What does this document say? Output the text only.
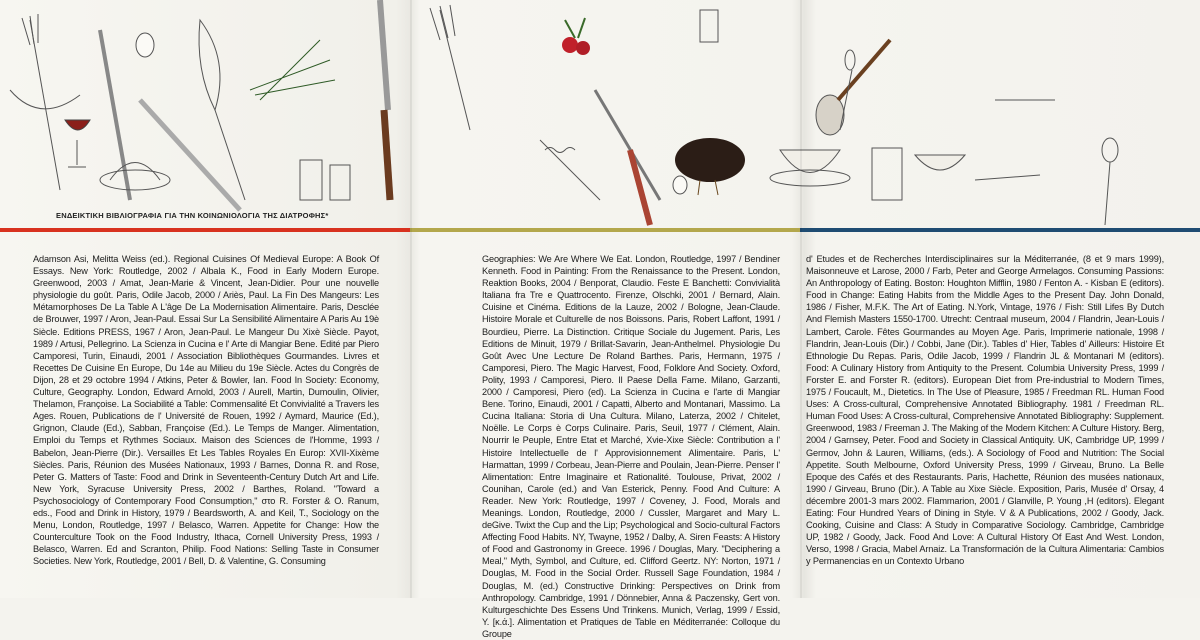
ΕΝΔΕΙΚΤΙΚΗ ΒΙΒΛΙΟΓΡΑΦΙΑ ΓΙΑ ΤΗΝ ΚΟΙΝΩΝΙΟΛΟΓΙΑ ΤΗΣ ΔΙΑΤΡΟΦΗΣ*
Adamson Asi, Melitta Weiss (ed.). Regional Cuisines Of Medieval Europe: A Book Of Essays. New York: Routledge, 2002 / Albala K., Food in Early Modern Europe. Greenwood, 2003 / Amat, Jean-Marie & Vincent, Jean-Didier. Pour une nouvelle physiologie du goût. Paris, Odile Jacob, 2000 / Ariès, Paul. La Fin Des Mangeurs: Les Métamorphoses De La Table A L'âge De La Modernisation Alimentaire. Paris, Desclée de Brouwer, 1997 / Aron, Jean-Paul. Essai Sur La Sensibilité Alimentaire A Paris Au 19è Siècle. Editions PRESS, 1967 / Aron, Jean-Paul. Le Mangeur Du Xixè Siècle. Payot, 1989 / Artusi, Pellegrino. La Scienza in Cucina e l' Arte di Mangiar Bene. Edité par Piero Camporesi, Turin, Einaudi, 2001 / Association Bibliothèques Gourmandes. Livres et Recettes De Cuisine En Europe, Du 14e au Milieu du 19e Siècle. Actes du Congrès de Dijon, 28 et 29 octobre 1994 / Atkins, Peter & Bowler, Ian. Food In Society: Economy, Culture, Geography. London, Edward Arnold, 2003 / Aurell, Martin, Dumoulin, Olivier, Thelamon, Françoise. La Sociabilité a Table: Commensalité Et Convivialité a Travers les Ages. Rouen, Publications de l' Université de Rouen, 1992 / Aymard, Maurice (Ed.), Grignon, Claude (Ed.), Sabban, Françoise (Ed.). Le Temps de Manger. Alimentation, Emploi du Temps et Rythmes Sociaux. Maison des Sciences de l'Homme, 1993 / Babelon, Jean-Pierre (Dir.). Versailles Et Les Tables Royales En Europ: XVII-Xixème Siècles. Paris, Réunion des Musées Nationaux, 1993 / Barnes, Donna R. and Rose, Peter G. Matters of Taste: Food and Drink in Seventeenth-Century Dutch Art and Life. New York, Syracuse University Press, 2002 / Barthes, Roland. "Toward a Psychosociology of Contemporary Food Consumption," στο R. Forster & O. Ranum, eds., Food and Drink in History, 1979 / Beardsworth, A. and Keil, T., Sociology on the Menu, London, Routledge, 1997 / Belasco, Warren. Appetite for Change: How the Counterculture Took on the Food Industry, Ithaca, Cornell University Press, 1993 / Belasco, Warren. Ed and Scranton, Philip. Food Nations: Selling Taste in Consumer Societies. New York, Routledge, 2001 / Bell, D. & Valentine, G. Consuming
Geographies: We Are Where We Eat. London, Routledge, 1997 / Bendiner Kenneth. Food in Painting: From the Renaissance to the Present. London, Reaktion Books, 2004 / Benporat, Claudio. Feste E Banchetti: Convivialità Italiana fra Tre e Quattrocento. Firenze, Olschki, 2001 / Bernard, Alain. Cuisine et Cinéma. Editions de la Lauze, 2002 / Bologne, Jean-Claude. Histoire Morale et Culturelle de nos Boissons. Paris, Robert Laffont, 1991 / Bourdieu, Pierre. La Distinction. Critique Sociale du Jugement. Paris, Les Editions de Minuit, 1979 / Brillat-Savarin, Jean-Anthelmel. Physiologie Du Goût Avec Une Lecture De Roland Barthes. Paris, Hermann, 1975 / Camporesi, Piero. The Magic Harvest, Food, Folklore And Society. Oxford, Polity, 1993 / Camporesi, Piero. Il Paese Della Fame. Milano, Garzanti, 2000 / Camporesi, Piero (ed). La Scienza in Cucina e l'arte di Mangiar Bene. Torino, Einaudi, 2001 / Capatti, Alberto and Montanari, Massimo. La Cucina Italiana: Storia di Una Cultura. Milano, Laterza, 2002 / Chitelet, Noëlle. Le Corps è Corps Culinaire. Paris, Seuil, 1977 / Clément, Alain. Nourrir le Peuple, Entre Etat et Marché, Xvie-Xixe Siècle: Contribution a l' Histoire Intellectuelle de l' Approvisionnement Alimentaire. Paris, L' Harmattan, 1999 / Corbeau, Jean-Pierre and Poulain, Jean-Pierre. Penser l' Alimentation: Entre Imaginaire et Rationalité. Toulouse, Privat, 2002 / Counihan, Carole (ed.) and Van Esterick, Penny. Food And Culture: A Reader. New York: Routledge, 1997 / Coveney, J. Food, Morals and Meanings. London, Routledge, 2000 / Cussler, Margaret and Mary L. deGive. Twixt the Cup and the Lip; Psychological and Socio-cultural Factors Affecting Food Habits. NY, Twayne, 1952 / Dalby, A. Siren Feasts: A History of Food and Gastronomy in Greece. 1996 / Douglas, Mary. "Deciphering a Meal," Myth, Symbol, and Culture, ed. Clifford Geertz. NY: Norton, 1971 / Douglas, M. Food in the Social Order. Russell Sage Foundation, 1984 / Douglas, M. (ed.) Constructive Drinking: Perspectives on Drink from Anthropology. Cambridge, 1991 / Dönnebier, Anna & Paczensky, Gert von. Kulturgeschichte Des Essens Und Trinkens. Munich, Verlag, 1999 / Essid, Y. [κ.ά.]. Alimentation et Pratiques de Table en Méditerranée: Colloque du Groupe
d' Etudes et de Recherches Interdisciplinaires sur la Méditerranée, (8 et 9 mars 1999), Maisonneuve et Larose, 2000 / Farb, Peter and George Armelagos. Consuming Passions: An Anthropology of Eating. Boston: Houghton Mifflin, 1980 / Fenton A. - Kisban E (editors). Food in Change: Eating Habits from the Middle Ages to the Present Day. John Donald, 1986 / Fisher, M.F.K. The Art of Eating. N.York, Vintage, 1976 / Fish: Still Lifes By Dutch And Flemish Masters 1550-1700. Utrecht: Centraal museum, 2004 / Flandrin, Jean-Louis / Lambert, Carole. Fêtes Gourmandes au Moyen Age. Paris, Imprimerie nationale, 1998 / Flandrin, Jean-Louis (Dir.) / Cobbi, Jane (Dir.). Tables d' Hier, Tables d' Ailleurs: Histoire Et Ethnologie Du Repas. Paris, Odile Jacob, 1999 / Flandrin JL & Montanari M (editors). Food: A Culinary History from Antiquity to the Present. Columbia University Press, 1999 / Forster E. and Forster R. (editors). European Diet from Pre-industrial to Modern Times, 1975 / Foucault, M., Dietetics. In The Use of Pleasure, 1985 / Freedman RL. Human Food Uses: A Cross-cultural, Comprehensive Annotated Bibliography. 1981 / Freedman RL. Human Food Uses: A Cross-cultural, Comprehensive Annotated Bibliography: Supplement. Greenwood, 1983 / Freeman J. The Making of the Modern Kitchen: A Culture History. Berg, 2004 / Garnsey, Peter. Food and Society in Classical Antiquity. UK, Cambridge UP, 1999 / Germov, John & Lauren, Williams, (eds.). A Sociology of Food and Nutrition: The Social Appetite. South Melbourne, Oxford University Press, 1999 / Girveau, Bruno. La Belle Epoque des Cafés et des Restaurants. Paris, Hachette, Réunion des musées nationaux, 1990 / Girveau, Bruno (Dir.). A Table au Xixe Siècle. Exposition, Paris, Musée d' Orsay, 4 décembre 2001-3 mars 2002. Flammarion, 2001 / Glanville, P. Young ,H (editors). Elegant Eating: Four Hundred Years of Dining in Style. V & A Publications, 2002 / Goody, Jack. Cooking, Cuisine and Class: A Study in Comparative Sociology. Cambridge, Cambridge UP, 1982 / Goody, Jack. Food And Love: A Cultural History Of East And West. London, Verso, 1998 / Gracia, Mabel Arnaiz. La Transformación de la Cultura Alimentaria: Cambios y Permanencias en un Contexto Urbano
